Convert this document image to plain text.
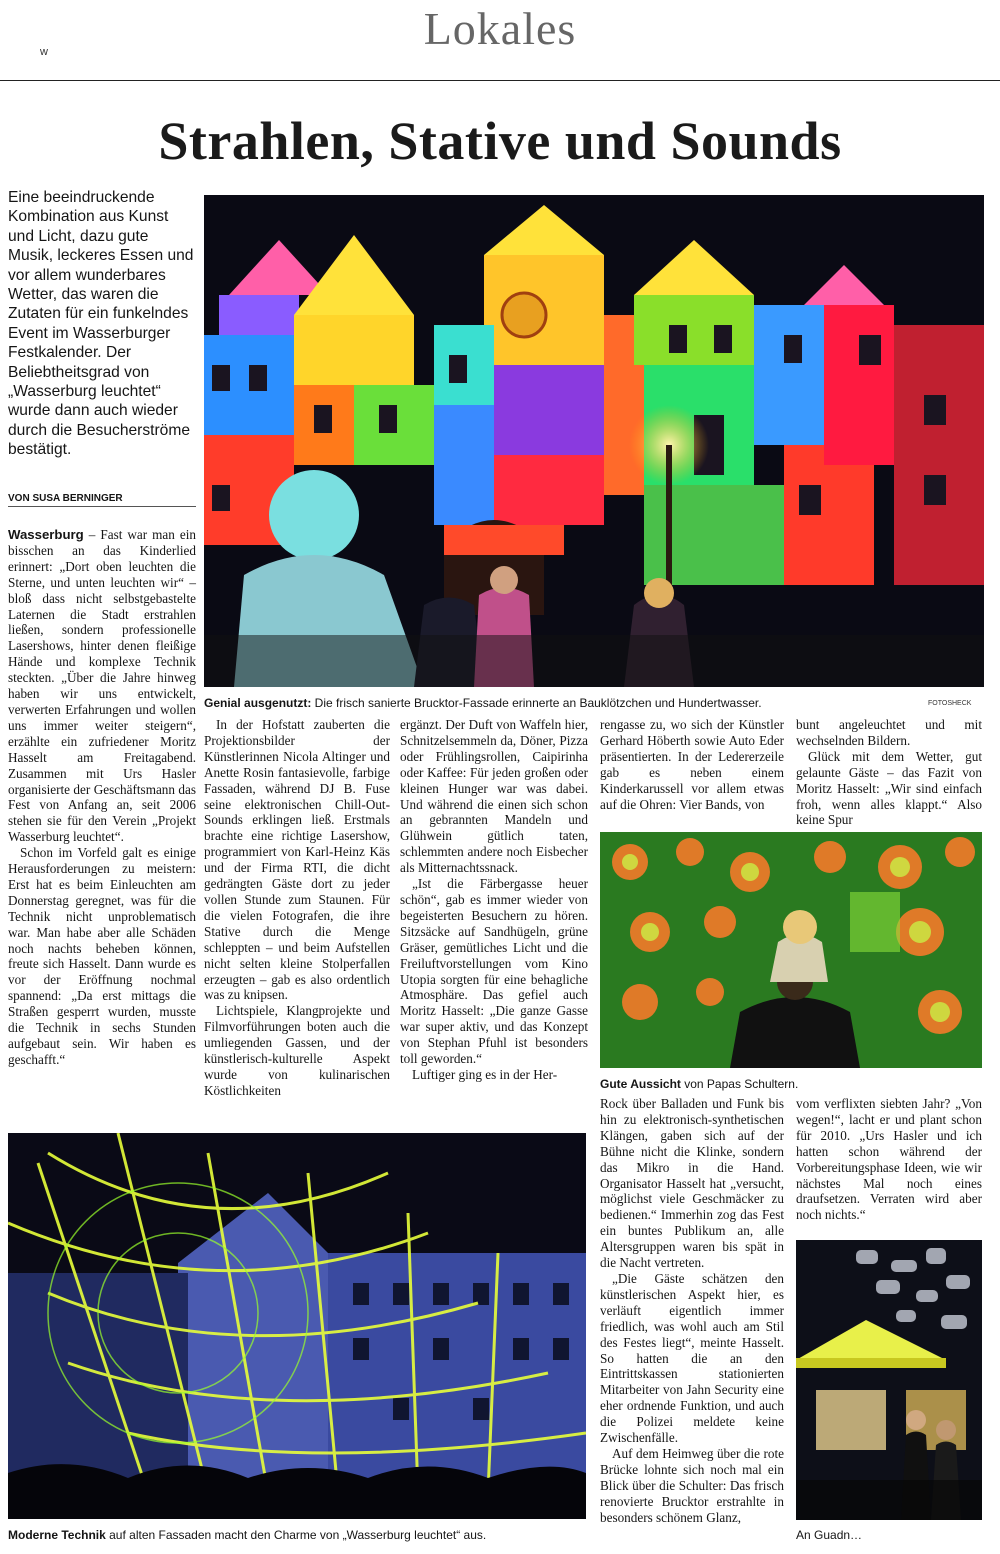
w	Lokales
Strahlen, Stative und Sounds
Eine beeindruckende Kombination aus Kunst und Licht, dazu gute Musik, leckeres Essen und vor allem wunderbares Wetter, das waren die Zutaten für ein funkelndes Event im Wasserburger Festkalender. Der Beliebtheitsgrad von „Wasserburg leuchtet“ wurde dann auch wieder durch die Besucherströme bestätigt.
VON SUSA BERNINGER
Genial ausgenutzt: Die frisch sanierte Brucktor-Fassade erinnerte an Bauklötzchen und Hundertwasser.	FOTOSHECK

Wasserburg – Fast war man ein bisschen an das Kinderlied erinnert: „Dort oben leuchten die Sterne, und unten leuchten wir“ – bloß dass nicht selbstgebastelte Laternen die Stadt erstrahlen ließen, sondern professionelle Lasershows, hinter denen fleißige Hände und komplexe Technik steckten. „Über die Jahre hinweg haben wir uns entwickelt, verwerten Erfahrungen und wollen uns immer weiter steigern“, erzählte ein zufriedener Moritz Hasselt am Freitagabend. Zusammen mit Urs Hasler organisierte der Geschäftsmann das Fest von Anfang an, seit 2006 stehen sie für den Verein „Projekt Wasserburg leuchtet“.

Schon im Vorfeld galt es einige Herausforderungen zu meistern: Erst hat es beim Einleuchten am Donnerstag geregnet, was für die Technik nicht unproblematisch war. Man habe aber alle Schäden noch nachts beheben können, freute sich Hasselt. Dann wurde es vor der Eröffnung nochmal spannend: „Da erst mittags die Straßen gesperrt wurden, musste die Technik in sechs Stunden aufgebaut sein. Wir haben es geschafft.“

In der Hofstatt zauberten die Projektionsbilder der Künstlerinnen Nicola Altinger und Anette Rosin fantasievolle, farbige Fassaden, während DJ B. Fuse seine elektronischen Chill-Out-Sounds erklingen ließ. Erstmals brachte eine richtige Lasershow, programmiert von Karl-Heinz Käs und der Firma RTI, die dicht gedrängten Gäste dort zu jeder vollen Stunde zum Staunen. Für die vielen Fotografen, die ihre Stative durch die Menge schleppten – und beim Aufstellen nicht selten kleine Stolperfallen erzeugten – gab es also ordentlich was zu knipsen.

Lichtspiele, Klangprojekte und Filmvorführungen boten auch die umliegenden Gassen, und der künstlerisch-kulturelle Aspekt wurde von kulinarischen Köstlichkeiten

ergänzt. Der Duft von Waffeln hier, Schnitzelsemmeln da, Döner, Pizza oder Frühlingsrollen, Caipirinha oder Kaffee: Für jeden großen oder kleinen Hunger war was dabei. Und während die einen sich schon an gebrannten Mandeln und Glühwein gütlich taten, schlemmten andere noch Eisbecher als Mitternachtssnack.

„Ist die Färbergasse heuer schön“, gab es immer wieder von begeisterten Besuchern zu hören. Sitzsäcke auf Sandhügeln, grüne Gräser, gemütliches Licht und die Freiluftvorstellungen vom Kino Utopia sorgten für eine behagliche Atmosphäre. Das gefiel auch Moritz Hasselt: „Die ganze Gasse war super aktiv, und das Konzept von Stephan Pfuhl ist besonders toll geworden.“

Luftiger ging es in der Her-

rengasse zu, wo sich der Künstler Gerhard Höberth sowie Auto Eder präsentierten. In der Ledererzeile gab es neben einem Kinderkarussell vor allem etwas auf die Ohren: Vier Bands, von

bunt angeleuchtet und mit wechselnden Bildern.

Glück mit dem Wetter, gut gelaunte Gäste – das Fazit von Moritz Hasselt: „Wir sind einfach froh, wenn alles klappt.“ Also keine Spur

Gute Aussicht von Papas Schultern.
Moderne Technik auf alten Fassaden macht den Charme von „Wasserburg leuchtet“ aus.

Rock über Balladen und Funk bis hin zu elektronisch-synthetischen Klängen, gaben sich auf der Bühne nicht die Klinke, sondern das Mikro in die Hand. Organisator Hasselt hat „versucht, möglichst viele Geschmäcker zu bedienen.“ Immerhin zog das Fest ein buntes Publikum an, alle Altersgruppen waren bis spät in die Nacht vertreten.

„Die Gäste schätzen den künstlerischen Aspekt hier, es verläuft eigentlich immer friedlich, was wohl auch am Stil des Festes liegt“, meinte Hasselt. So hatten die an den Eintrittskassen stationierten Mitarbeiter von Jahn Security eine eher ordnende Funktion, und auch die Polizei meldete keine Zwischenfälle.

Auf dem Heimweg über die rote Brücke lohnte sich noch mal ein Blick über die Schulter: Das frisch renovierte Brucktor erstrahlte in besonders schönem Glanz,

vom verflixten siebten Jahr? „Von wegen!“, lacht er und plant schon für 2010. „Urs Hasler und ich hatten schon während der Vorbereitungsphase Ideen, wie wir nächstes Mal noch eines draufsetzen. Verraten wird aber noch nichts.“

An Guadn…
